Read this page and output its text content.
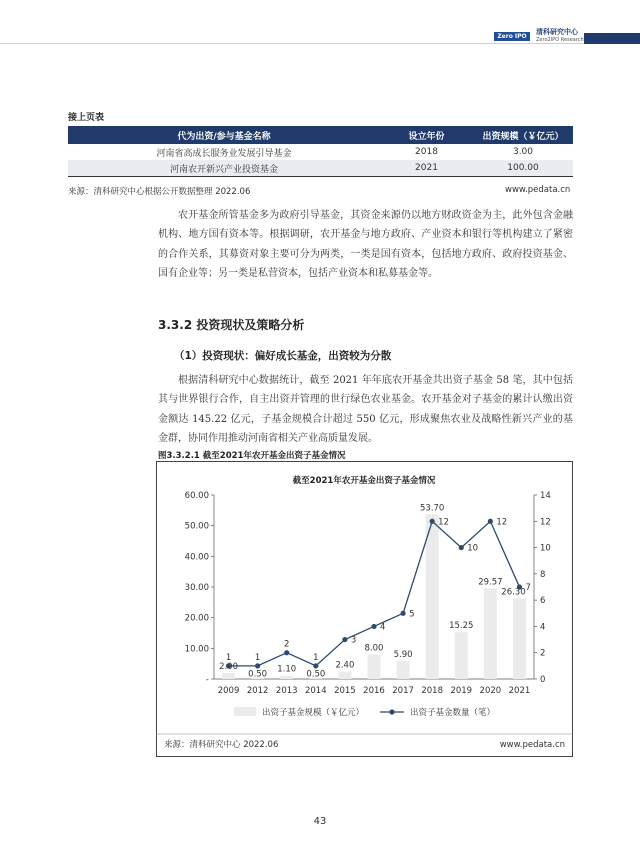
Zero IPO
清科研究中心
Zero2IPO Research
接上页表
代为出资/参与基金名称	设立年份	出资规模（￥亿元）
河南省高成长服务业发展引导基金	2018	3.00
河南农开新兴产业投资基金	2021	100.00
来源：清科研究中心根据公开数据整理 2022.06	www.pedata.cn

农开基金所管基金多为政府引导基金，其资金来源仍以地方财政资金为主，此外包含金融机构、地方国有资本等。根据调研，农开基金与地方政府、产业资本和银行等机构建立了紧密的合作关系，其募资对象主要可分为两类，一类是国有资本，包括地方政府、政府投资基金、国有企业等；另一类是私营资本，包括产业资本和私募基金等。

3.3.2 投资现状及策略分析
（1）投资现状：偏好成长基金，出资较为分散

根据清科研究中心数据统计，截至 2021 年年底农开基金共出资子基金 58 笔，其中包括其与世界银行合作，自主出资并管理的世行绿色农业基金。农开基金对子基金的累计认缴出资金额达 145.22 亿元，子基金规模合计超过 550 亿元，形成聚焦农业及战略性新兴产业的基金群，协同作用推动河南省相关产业高质量发展。

图3.3.2.1 截至2021年农开基金出资子基金情况
-
10.00
20.00
30.00
40.00
50.00
60.00
0
2
4
6
8
10
12
14
2.00
2009
0.50
2012
1.10
2013
0.50
2014
2.40
2015
8.00
2016
5.90
2017
53.70
2018
15.25
2019
29.57
2020
26.30
2021
1	1
2
1
3
4
5
12
10
12
7
出资子基金规模（￥亿元）	出资子基金数量（笔）
截至2021年农开基金出资子基金情况
来源：清科研究中心 2022.06	www.pedata.cn
43
